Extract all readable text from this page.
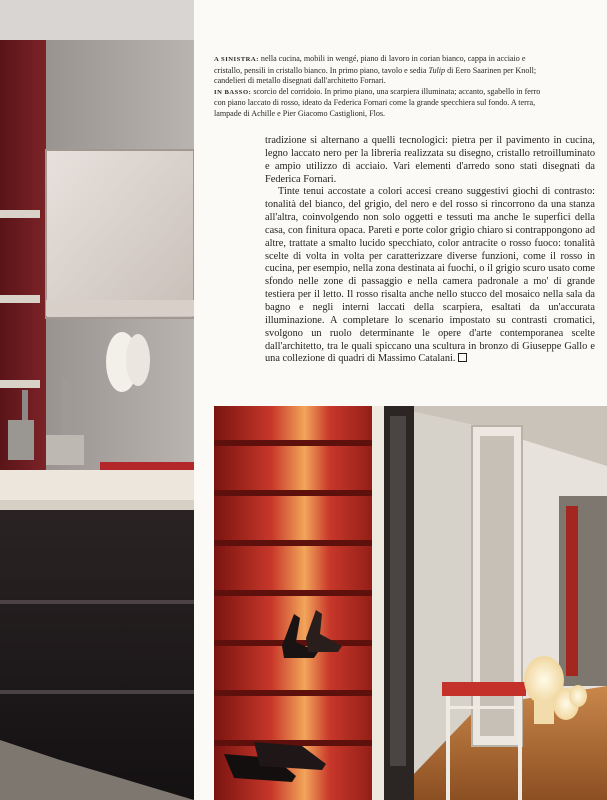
A SINISTRA: nella cucina, mobili in wengé, piano di lavoro in corian bianco, cappa in acciaio e cristallo, pensili in cristallo bianco. In primo piano, tavolo e sedia Tulip di Eero Saarinen per Knoll; candelieri di metallo disegnati dall'architetto Fornari.
IN BASSO: scorcio del corridoio. In primo piano, una scarpiera illuminata; accanto, sgabello in ferro con piano laccato di rosso, ideato da Federica Fornari come la grande specchiera sul fondo. A terra, lampade di Achille e Pier Giacomo Castiglioni, Flos.

tradizione si alternano a quelli tecnologici: pietra per il pavimento in cucina, legno laccato nero per la libreria realizzata su disegno, cristallo retroilluminato e ampio utilizzo di acciaio. Vari elementi d'arredo sono stati disegnati da Federica Fornari.

Tinte tenui accostate a colori accesi creano suggestivi giochi di contrasto: tonalità del bianco, del grigio, del nero e del rosso si rincorrono da una stanza all'altra, coinvolgendo non solo oggetti e tessuti ma anche le superfici della casa, con finitura opaca. Pareti e porte color grigio chiaro si contrappongono ad altre, trattate a smalto lucido specchiato, color antracite o rosso fuoco: tonalità scelte di volta in volta per caratterizzare diverse funzioni, come il rosso in cucina, per esempio, nella zona destinata ai fuochi, o il grigio scuro usato come sfondo nelle zone di passaggio e nella camera padronale a mo' di grande testiera per il letto. Il rosso risalta anche nello stucco del mosaico nella sala da bagno e negli interni laccati della scarpiera, esaltati da un'accurata illuminazione. A completare lo scenario impostato su contrasti cromatici, svolgono un ruolo determinante le opere d'arte contemporanea scelte dall'architetto, tra le quali spiccano una scultura in bronzo di Giuseppe Gallo e una collezione di quadri di Massimo Catalani.
